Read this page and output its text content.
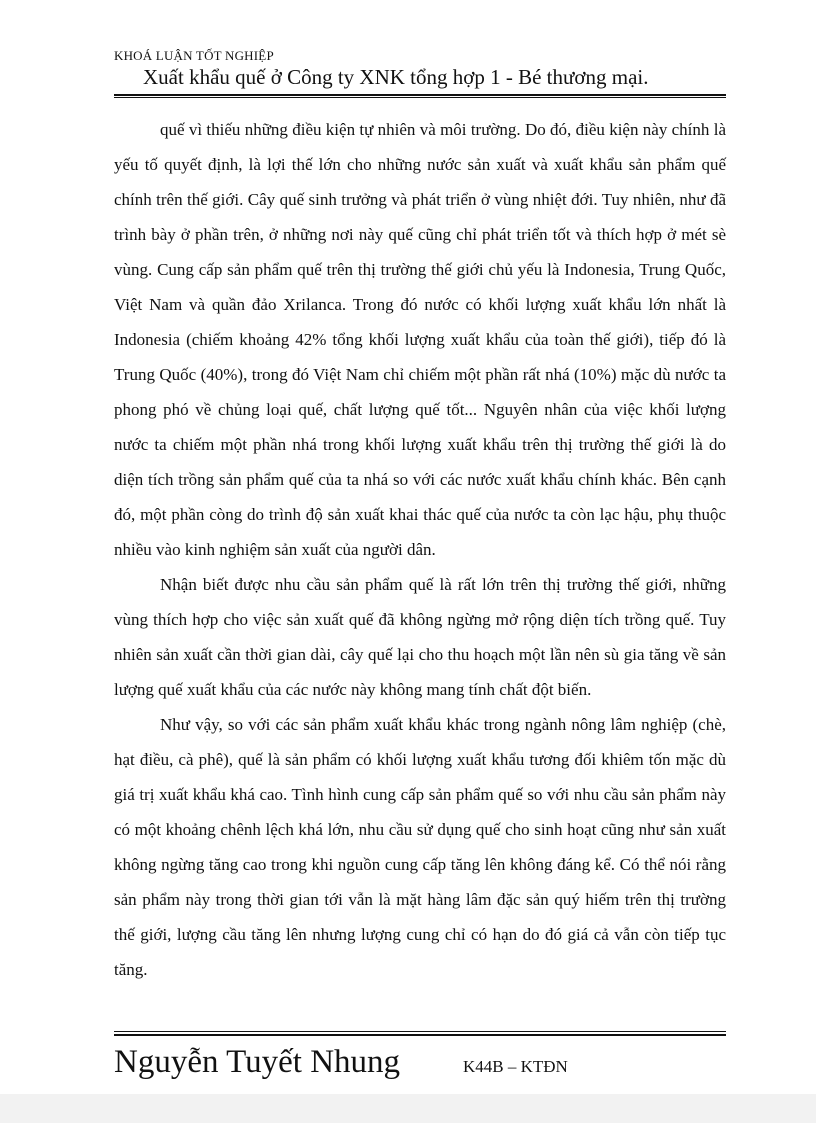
KHOÁ LUẬN TỐT NGHIỆP
Xuất khẩu quế ở Công ty XNK tổng hợp 1 - Bé thương mại.

quế vì thiếu những điều kiện tự nhiên và môi trường. Do đó, điều kiện này chính là yếu tố quyết định, là lợi thế lớn cho những nước sản xuất và xuất khẩu sản phẩm quế chính trên thế giới. Cây quế sinh trưởng và phát triển ở vùng nhiệt đới. Tuy nhiên, như đã trình bày ở phần trên, ở những nơi này quế cũng chỉ phát triển tốt và thích hợp ở mét sè vùng. Cung cấp sản phẩm quế trên thị trường thế giới chủ yếu là Indonesia, Trung Quốc, Việt Nam và quần đảo Xrilanca. Trong đó nước có khối lượng xuất khẩu lớn nhất là Indonesia (chiếm khoảng 42% tổng khối lượng xuất khẩu của toàn thế giới), tiếp đó là Trung Quốc (40%), trong đó Việt Nam chỉ chiếm một phần rất nhá (10%) mặc dù nước ta phong phó về chủng loại quế, chất lượng quế tốt... Nguyên nhân của việc khối lượng nước ta chiếm một phần nhá trong khối lượng xuất khẩu trên thị trường thế giới là do diện tích trồng sản phẩm quế của ta nhá so với các nước xuất khẩu chính khác. Bên cạnh đó, một phần còng do trình độ sản xuất khai thác quế của nước ta còn lạc hậu, phụ thuộc nhiều vào kinh nghiệm sản xuất của người dân.

Nhận biết được nhu cầu sản phẩm quế là rất lớn trên thị trường thế giới, những vùng thích hợp cho việc sản xuất quế đã không ngừng mở rộng diện tích trồng quế. Tuy nhiên sản xuất cần thời gian dài, cây quế lại cho thu hoạch một lần nên sù gia tăng về sản lượng quế xuất khẩu của các nước này không mang tính chất đột biến.

Như vậy, so với các sản phẩm xuất khẩu khác trong ngành nông lâm nghiệp (chè, hạt điều, cà phê), quế là sản phẩm có khối lượng xuất khẩu tương đối khiêm tốn mặc dù giá trị xuất khẩu khá cao. Tình hình cung cấp sản phẩm quế so với nhu cầu sản phẩm này có một khoảng chênh lệch khá lớn, nhu cầu sử dụng quế cho sinh hoạt cũng như sản xuất không ngừng tăng cao trong khi nguồn cung cấp tăng lên không đáng kể. Có thể nói rằng sản phẩm này trong thời gian tới vẫn là mặt hàng lâm đặc sản quý hiếm trên thị trường thế giới, lượng cầu tăng lên nhưng lượng cung chỉ có hạn do đó giá cả vẫn còn tiếp tục tăng.

Nguyễn Tuyết Nhung	K44B – KTĐN
